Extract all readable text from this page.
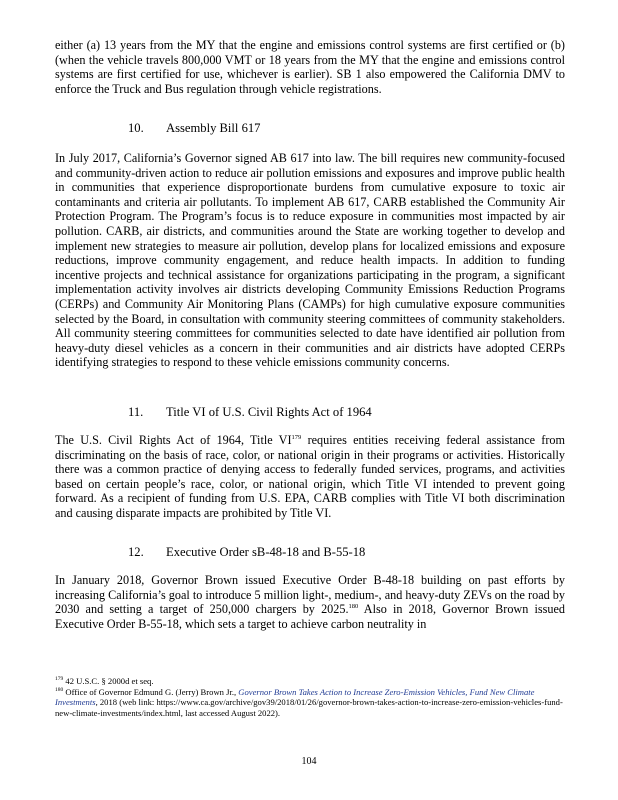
either (a) 13 years from the MY that the engine and emissions control systems are first certified or (b) (when the vehicle travels 800,000 VMT or 18 years from the MY that the engine and emissions control systems are first certified for use, whichever is earlier). SB 1 also empowered the California DMV to enforce the Truck and Bus regulation through vehicle registrations.

10. Assembly Bill 617

In July 2017, California’s Governor signed AB 617 into law. The bill requires new community-focused and community-driven action to reduce air pollution emissions and exposures and improve public health in communities that experience disproportionate burdens from cumulative exposure to toxic air contaminants and criteria air pollutants. To implement AB 617, CARB established the Community Air Protection Program. The Program’s focus is to reduce exposure in communities most impacted by air pollution. CARB, air districts, and communities around the State are working together to develop and implement new strategies to measure air pollution, develop plans for localized emissions and exposure reductions, improve community engagement, and reduce health impacts. In addition to funding incentive projects and technical assistance for organizations participating in the program, a significant implementation activity involves air districts developing Community Emissions Reduction Programs (CERPs) and Community Air Monitoring Plans (CAMPs) for high cumulative exposure communities selected by the Board, in consultation with community steering committees of community stakeholders. All community steering committees for communities selected to date have identified air pollution from heavy-duty diesel vehicles as a concern in their communities and air districts have adopted CERPs identifying strategies to respond to these vehicle emissions community concerns.

11. Title VI of U.S. Civil Rights Act of 1964

The U.S. Civil Rights Act of 1964, Title VI$^{179}$ requires entities receiving federal assistance from discriminating on the basis of race, color, or national origin in their programs or activities. Historically there was a common practice of denying access to federally funded services, programs, and activities based on certain people’s race, color, or national origin, which Title VI intended to prevent going forward. As a recipient of funding from U.S. EPA, CARB complies with Title VI both discrimination and causing disparate impacts are prohibited by Title VI.

12. Executive Order sB-48-18 and B-55-18

In January 2018, Governor Brown issued Executive Order B-48-18 building on past efforts by increasing California’s goal to introduce 5 million light-, medium-, and heavy-duty ZEVs on the road by 2030 and setting a target of 250,000 chargers by 2025.$^{180}$ Also in 2018, Governor Brown issued Executive Order B-55-18, which sets a target to achieve carbon neutrality in

$^{179}$ 42 U.S.C. § 2000d et seq.

$^{180}$ Office of Governor Edmund G. (Jerry) Brown Jr., Governor Brown Takes Action to Increase Zero-Emission Vehicles, Fund New Climate Investments, 2018 (web link: https://www.ca.gov/archive/gov39/2018/01/26/governor-brown-takes-action-to-increase-zero-emission-vehicles-fund-new-climate-investments/index.html, last accessed August 2022).

104
